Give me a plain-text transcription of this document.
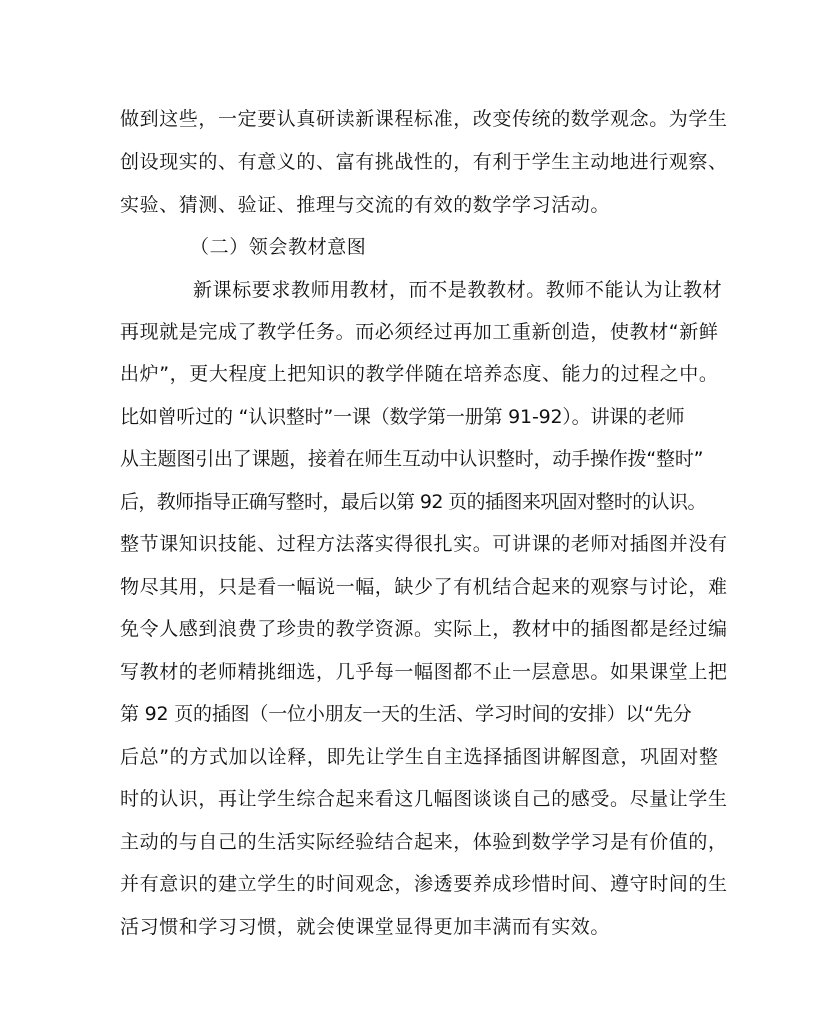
做到这些，一定要认真研读新课程标准，改变传统的数学观念。为学生
创设现实的、有意义的、富有挑战性的，有利于学生主动地进行观察、
实验、猜测、验证、推理与交流的有效的数学学习活动。
（二）领会教材意图
新课标要求教师用教材，而不是教教材。教师不能认为让教材
再现就是完成了教学任务。而必须经过再加工重新创造，使教材“新鲜
出炉”，更大程度上把知识的教学伴随在培养态度、能力的过程之中。
比如曾听过的 “认识整时”一课（数学第一册第 91-92）。讲课的老师
从主题图引出了课题，接着在师生互动中认识整时，动手操作拨“整时”
后，教师指导正确写整时，最后以第 92 页的插图来巩固对整时的认识。
整节课知识技能、过程方法落实得很扎实。可讲课的老师对插图并没有
物尽其用，只是看一幅说一幅，缺少了有机结合起来的观察与讨论，难
免令人感到浪费了珍贵的教学资源。实际上，教材中的插图都是经过编
写教材的老师精挑细选，几乎每一幅图都不止一层意思。如果课堂上把
第 92 页的插图（一位小朋友一天的生活、学习时间的安排）以“先分
后总”的方式加以诠释，即先让学生自主选择插图讲解图意，巩固对整
时的认识，再让学生综合起来看这几幅图谈谈自己的感受。尽量让学生
主动的与自己的生活实际经验结合起来，体验到数学学习是有价值的，
并有意识的建立学生的时间观念，渗透要养成珍惜时间、遵守时间的生
活习惯和学习习惯，就会使课堂显得更加丰满而有实效。
